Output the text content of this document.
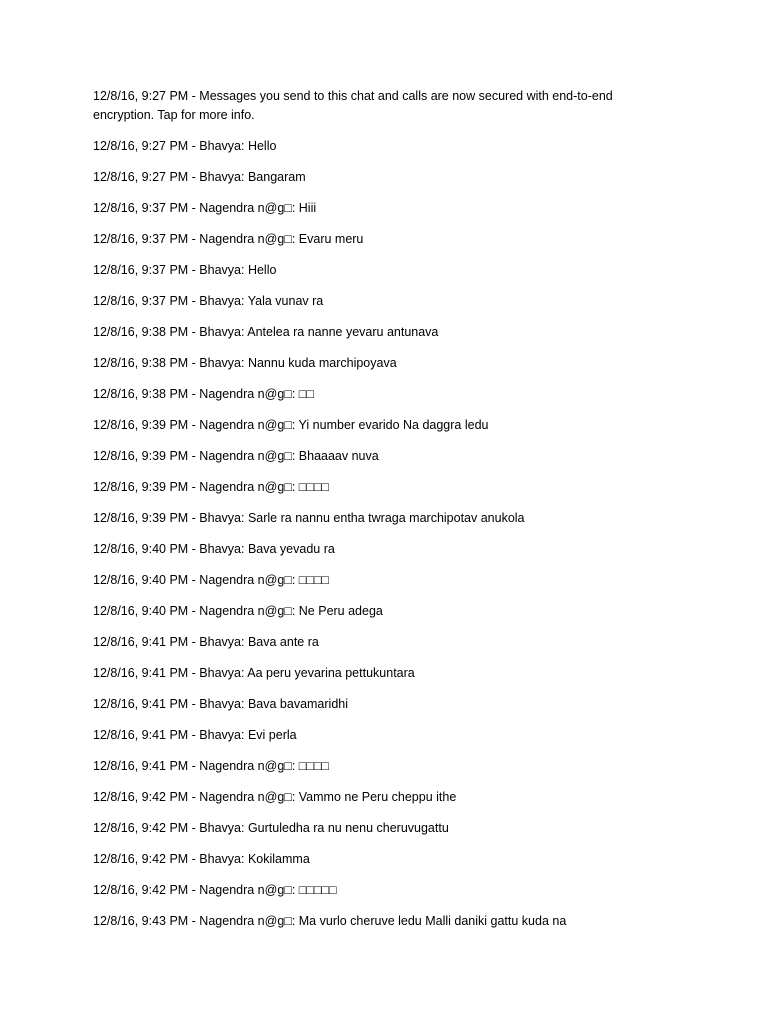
12/8/16, 9:27 PM - Messages you send to this chat and calls are now secured with end-to-end encryption. Tap for more info.
12/8/16, 9:27 PM - Bhavya: Hello
12/8/16, 9:27 PM - Bhavya: Bangaram
12/8/16, 9:37 PM - Nagendra n@g□: Hiii
12/8/16, 9:37 PM - Nagendra n@g□: Evaru meru
12/8/16, 9:37 PM - Bhavya: Hello
12/8/16, 9:37 PM - Bhavya: Yala vunav ra
12/8/16, 9:38 PM - Bhavya: Antelea ra nanne yevaru antunava
12/8/16, 9:38 PM - Bhavya: Nannu kuda marchipoyava
12/8/16, 9:38 PM - Nagendra n@g□: □□
12/8/16, 9:39 PM - Nagendra n@g□: Yi number evarido Na daggra ledu
12/8/16, 9:39 PM - Nagendra n@g□: Bhaaaav nuva
12/8/16, 9:39 PM - Nagendra n@g□: □□□□
12/8/16, 9:39 PM - Bhavya: Sarle ra nannu entha twraga marchipotav anukola
12/8/16, 9:40 PM - Bhavya: Bava yevadu ra
12/8/16, 9:40 PM - Nagendra n@g□: □□□□
12/8/16, 9:40 PM - Nagendra n@g□: Ne Peru adega
12/8/16, 9:41 PM - Bhavya: Bava ante ra
12/8/16, 9:41 PM - Bhavya: Aa peru yevarina pettukuntara
12/8/16, 9:41 PM - Bhavya: Bava bavamaridhi
12/8/16, 9:41 PM - Bhavya: Evi perla
12/8/16, 9:41 PM - Nagendra n@g□: □□□□
12/8/16, 9:42 PM - Nagendra n@g□: Vammo ne Peru cheppu ithe
12/8/16, 9:42 PM - Bhavya: Gurtuledha ra nu nenu cheruvugattu
12/8/16, 9:42 PM - Bhavya: Kokilamma
12/8/16, 9:42 PM - Nagendra n@g□: □□□□□
12/8/16, 9:43 PM - Nagendra n@g□: Ma vurlo cheruve ledu Malli daniki gattu kuda na
